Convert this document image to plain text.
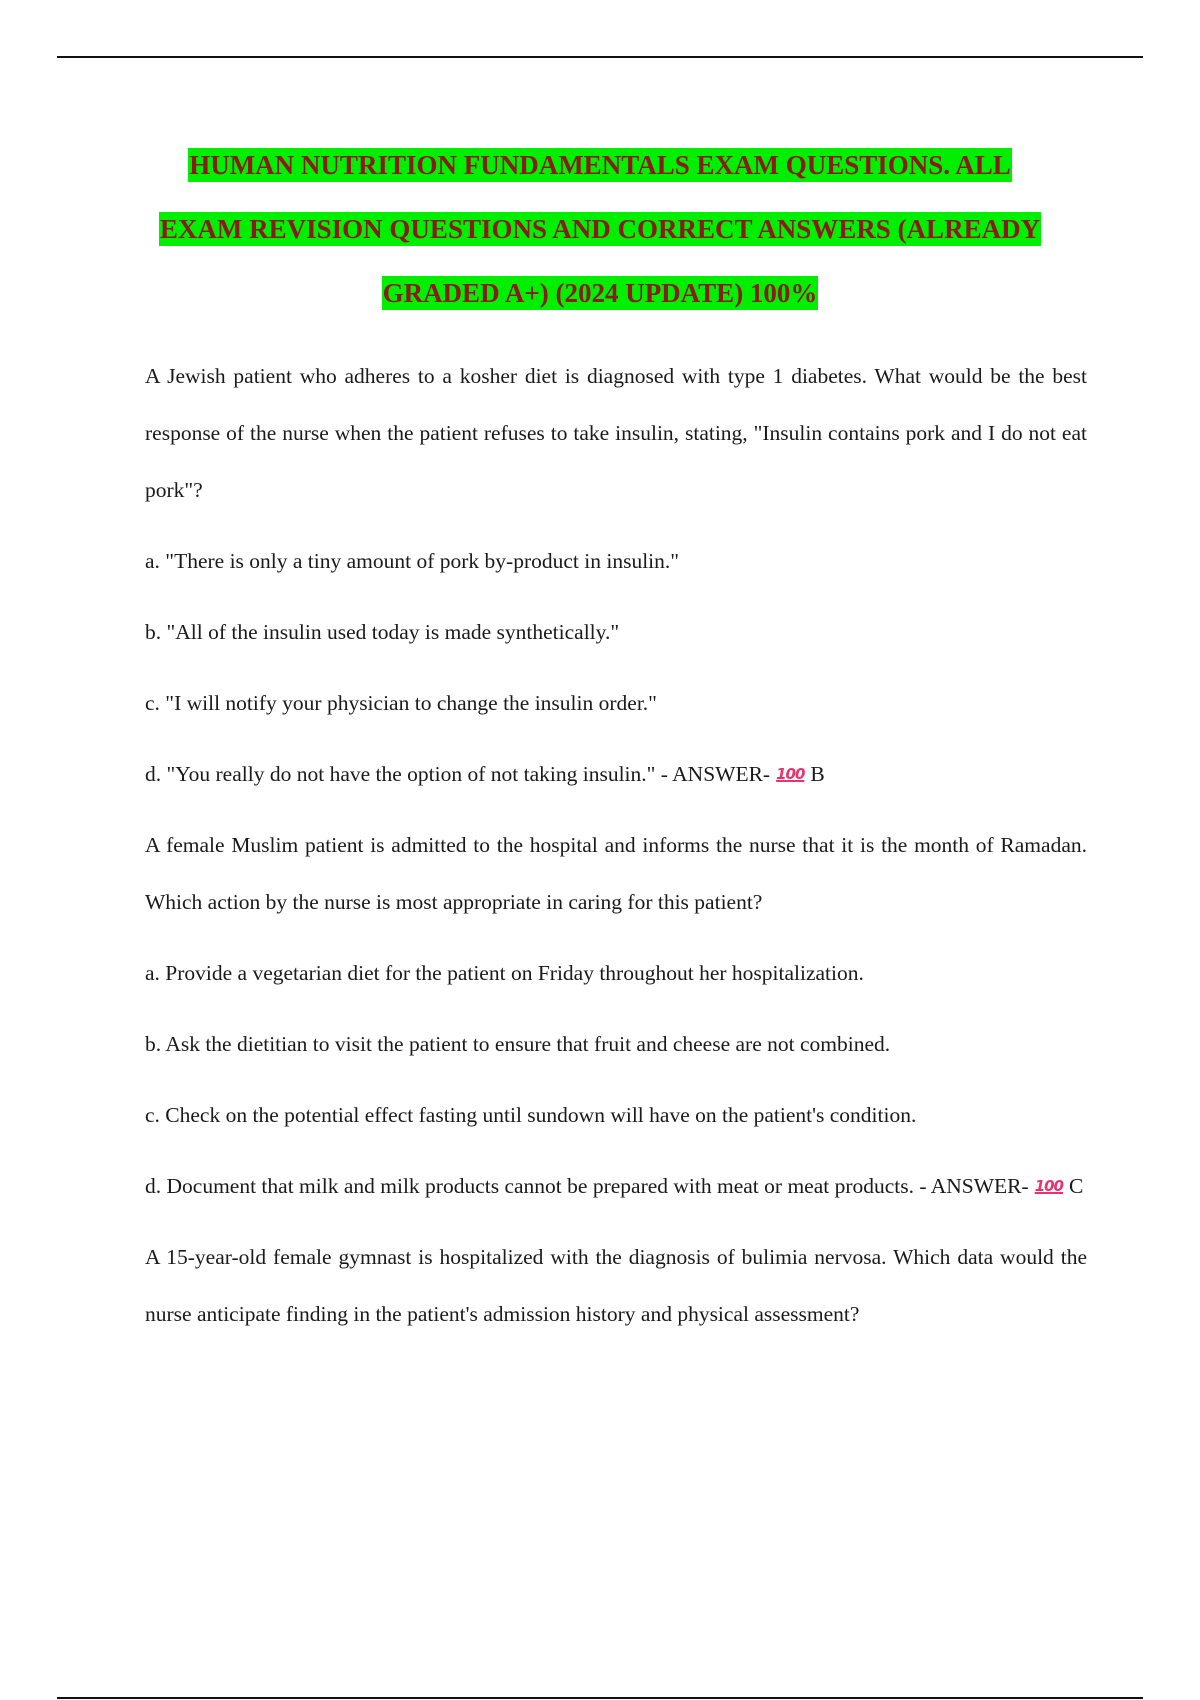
HUMAN NUTRITION FUNDAMENTALS EXAM QUESTIONS. ALL

EXAM REVISION QUESTIONS AND CORRECT ANSWERS (ALREADY

GRADED A+) (2024 UPDATE) 100%

A Jewish patient who adheres to a kosher diet is diagnosed with type 1 diabetes. What would be the best response of the nurse when the patient refuses to take insulin, stating, "Insulin contains pork and I do not eat pork"?

a. "There is only a tiny amount of pork by-product in insulin."

b. "All of the insulin used today is made synthetically."

c. "I will notify your physician to change the insulin order."

d. "You really do not have the option of not taking insulin." - ANSWER- 100 B

A female Muslim patient is admitted to the hospital and informs the nurse that it is the month of Ramadan. Which action by the nurse is most appropriate in caring for this patient?

a. Provide a vegetarian diet for the patient on Friday throughout her hospitalization.

b. Ask the dietitian to visit the patient to ensure that fruit and cheese are not combined.

c. Check on the potential effect fasting until sundown will have on the patient's condition.

d. Document that milk and milk products cannot be prepared with meat or meat products. - ANSWER- 100 C

A 15-year-old female gymnast is hospitalized with the diagnosis of bulimia nervosa. Which data would the nurse anticipate finding in the patient's admission history and physical assessment?
